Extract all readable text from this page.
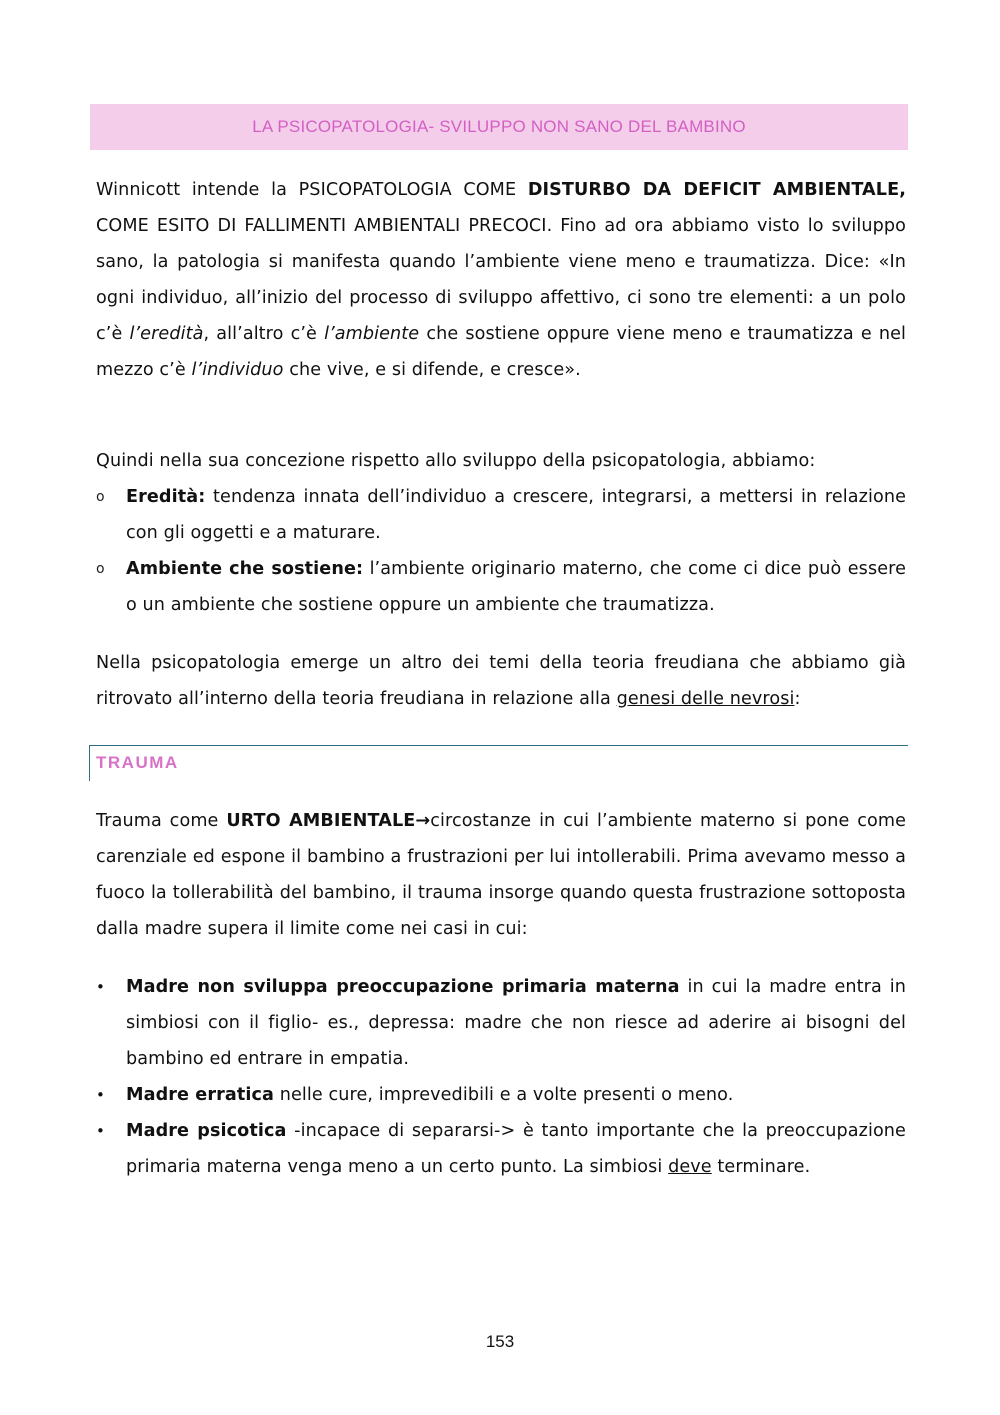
LA PSICOPATOLOGIA- SVILUPPO NON SANO DEL BAMBINO
Winnicott intende la PSICOPATOLOGIA COME DISTURBO DA DEFICIT AMBIENTALE, COME ESITO DI FALLIMENTI AMBIENTALI PRECOCI. Fino ad ora abbiamo visto lo sviluppo sano, la patologia si manifesta quando l’ambiente viene meno e traumatizza. Dice: «In ogni individuo, all’inizio del processo di sviluppo affettivo, ci sono tre elementi: a un polo c’è l’eredità, all’altro c’è l’ambiente che sostiene oppure viene meno e traumatizza e nel mezzo c’è l’individuo che vive, e si difende, e cresce».
Quindi nella sua concezione rispetto allo sviluppo della psicopatologia, abbiamo:
o	Eredità: tendenza innata dell’individuo a crescere, integrarsi, a mettersi in relazione con gli oggetti e a maturare.
o	Ambiente che sostiene: l’ambiente originario materno, che come ci dice può essere o un ambiente che sostiene oppure un ambiente che traumatizza.
Nella psicopatologia emerge un altro dei temi della teoria freudiana che abbiamo già ritrovato all’interno della teoria freudiana in relazione alla genesi delle nevrosi:
TRAUMA
Trauma come URTO AMBIENTALE→circostanze in cui l’ambiente materno si pone come carenziale ed espone il bambino a frustrazioni per lui intollerabili. Prima avevamo messo a fuoco la tollerabilità del bambino, il trauma insorge quando questa frustrazione sottoposta dalla madre supera il limite come nei casi in cui:
•	Madre non sviluppa preoccupazione primaria materna in cui la madre entra in simbiosi con il figlio- es., depressa: madre che non riesce ad aderire ai bisogni del bambino ed entrare in empatia.
•	Madre erratica nelle cure, imprevedibili e a volte presenti o meno.
•	Madre psicotica -incapace di separarsi-> è tanto importante che la preoccupazione primaria materna venga meno a un certo punto. La simbiosi deve terminare.
153
